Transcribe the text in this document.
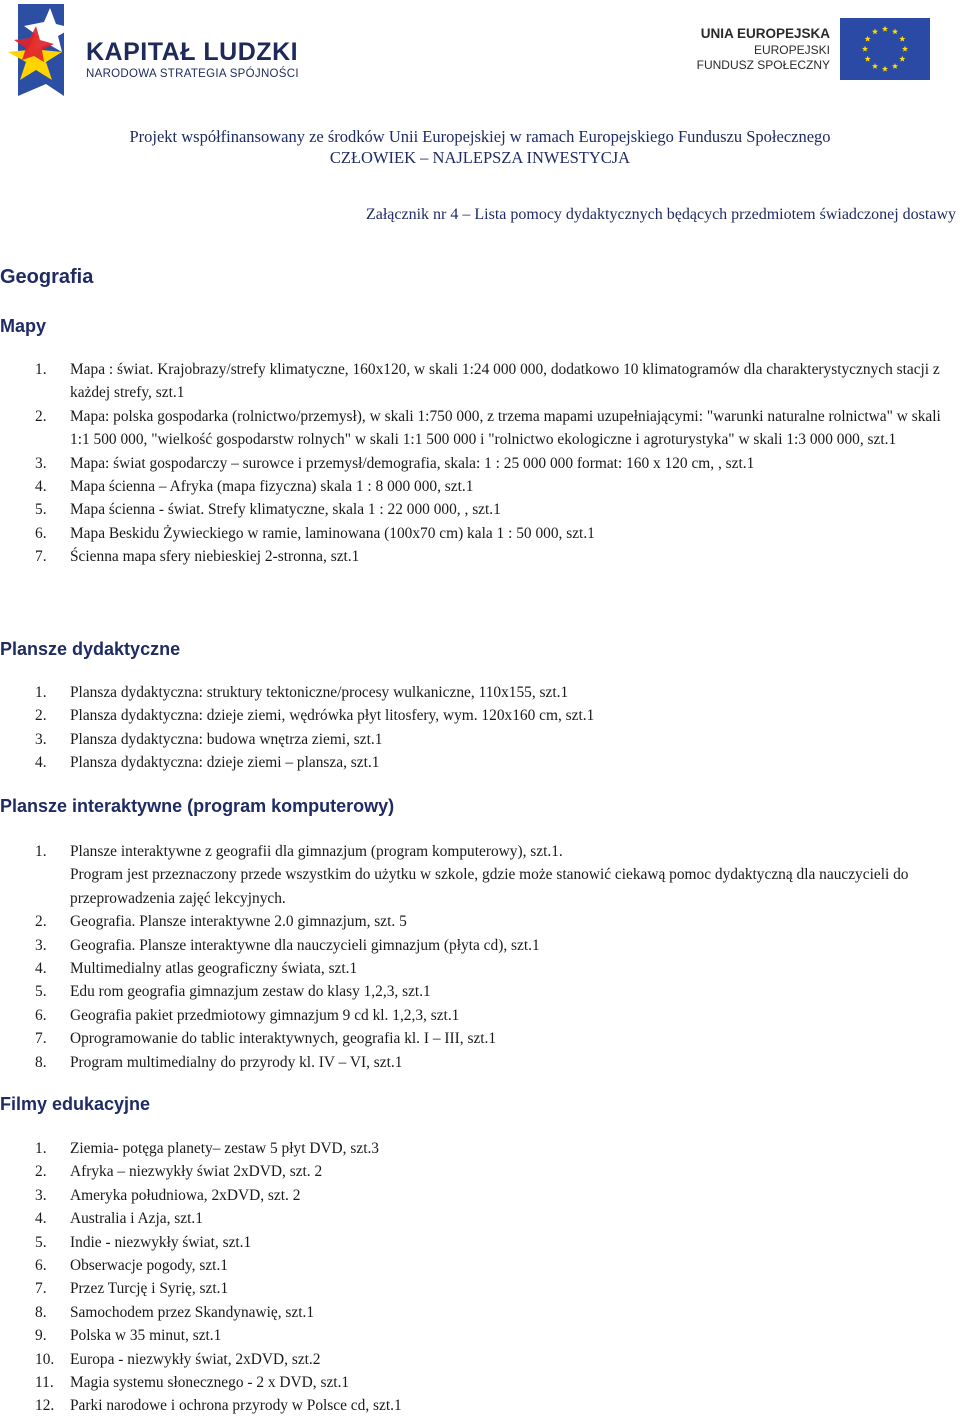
KAPITAŁ LUDZKI
NARODOWA STRATEGIA SPÓJNOŚCI
UNIA EUROPEJSKA
EUROPEJSKI
FUNDUSZ SPOŁECZNY
Projekt współfinansowany ze środków Unii Europejskiej w ramach Europejskiego Funduszu Społecznego
CZŁOWIEK – NAJLEPSZA INWESTYCJA
Załącznik nr 4 – Lista pomocy dydaktycznych będących przedmiotem świadczonej dostawy
Geografia
Mapy
1. Mapa : świat. Krajobrazy/strefy klimatyczne, 160x120, w skali 1:24 000 000, dodatkowo 10 klimatogramów dla charakterystycznych stacji z każdej strefy, szt.1
2. Mapa: polska gospodarka (rolnictwo/przemysł), w skali 1:750 000, z trzema mapami uzupełniającymi: "warunki naturalne rolnictwa" w skali 1:1 500 000, "wielkość gospodarstw rolnych" w skali 1:1 500 000 i "rolnictwo ekologiczne i agroturystyka" w skali 1:3 000 000, szt.1
3. Mapa: świat gospodarczy – surowce i przemysł/demografia, skala: 1 : 25 000 000 format: 160 x 120 cm, , szt.1
4. Mapa ścienna – Afryka (mapa fizyczna) skala 1 : 8 000 000, szt.1
5. Mapa ścienna - świat. Strefy klimatyczne, skala 1 : 22 000 000, , szt.1
6. Mapa Beskidu Żywieckiego w ramie, laminowana (100x70 cm) kala 1 : 50 000, szt.1
7. Ścienna mapa sfery niebieskiej 2-stronna, szt.1
Plansze dydaktyczne
1. Plansza dydaktyczna: struktury tektoniczne/procesy wulkaniczne, 110x155, szt.1
2. Plansza dydaktyczna: dzieje ziemi, wędrówka płyt litosfery, wym. 120x160 cm, szt.1
3. Plansza dydaktyczna: budowa wnętrza ziemi, szt.1
4. Plansza dydaktyczna: dzieje ziemi – plansza, szt.1
Plansze interaktywne (program komputerowy)
1. Plansze interaktywne z geografii dla gimnazjum (program komputerowy), szt.1.
Program jest przeznaczony przede wszystkim do użytku w szkole, gdzie może stanowić ciekawą pomoc dydaktyczną dla nauczycieli do przeprowadzenia zajęć lekcyjnych.
2. Geografia. Plansze interaktywne 2.0 gimnazjum, szt. 5
3. Geografia. Plansze interaktywne dla nauczycieli gimnazjum (płyta cd), szt.1
4. Multimedialny atlas geograficzny świata, szt.1
5. Edu rom geografia gimnazjum zestaw do klasy 1,2,3, szt.1
6. Geografia pakiet przedmiotowy gimnazjum 9 cd kl. 1,2,3, szt.1
7. Oprogramowanie do tablic interaktywnych, geografia kl. I – III, szt.1
8. Program multimedialny do przyrody kl. IV – VI, szt.1
Filmy edukacyjne
1. Ziemia- potęga planety– zestaw 5 płyt DVD, szt.3
2. Afryka – niezwykły świat 2xDVD, szt. 2
3. Ameryka południowa, 2xDVD, szt. 2
4. Australia i Azja, szt.1
5. Indie - niezwykły świat, szt.1
6. Obserwacje pogody, szt.1
7. Przez Turcję i Syrię, szt.1
8. Samochodem przez Skandynawię, szt.1
9. Polska w 35 minut, szt.1
10. Europa - niezwykły świat, 2xDVD, szt.2
11. Magia systemu słonecznego - 2 x DVD, szt.1
12. Parki narodowe i ochrona przyrody w Polsce cd, szt.1
